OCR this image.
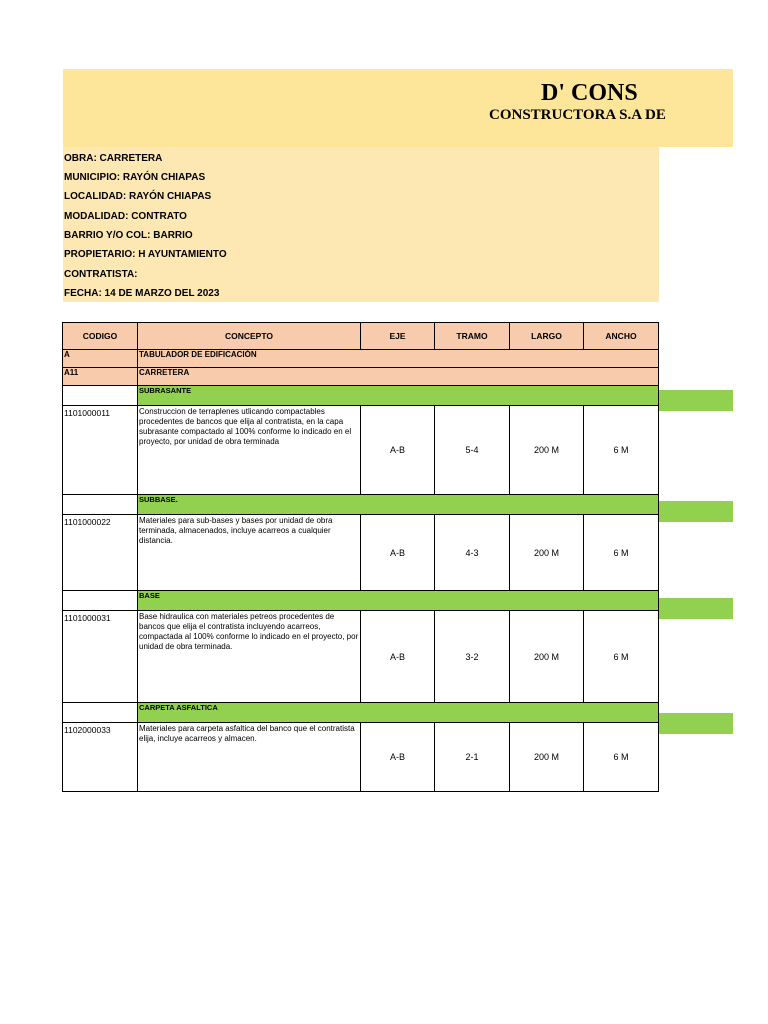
D' CONS
CONSTRUCTORA S.A DE
OBRA: CARRETERA
MUNICIPIO: RAYÓN CHIAPAS
LOCALIDAD: RAYÓN CHIAPAS
MODALIDAD: CONTRATO
BARRIO Y/O COL: BARRIO
PROPIETARIO: H AYUNTAMIENTO
CONTRATISTA:
FECHA: 14 DE MARZO DEL 2023
CODIGO	CONCEPTO	EJE	TRAMO	LARGO	ANCHO
A	TABULADOR DE EDIFICACIÓN				
A11	CARRETERA				
	SUBRASANTE				
1101000011	Construccion de terraplenes utlicando compactables procedentes de bancos que elija al contratista, en la capa subrasante compactado al 100% conforme lo indicado en el proyecto, por unidad de obra terminada	A-B	5-4	200 M	6 M
	SUBBASE.				
1101000022	Materiales para sub-bases y bases por unidad de obra terminada, almacenados, incluye acarreos a cualquier distancia.	A-B	4-3	200 M	6 M
	BASE				
1101000031	Base hidraulica con materiales petreos procedentes de bancos que elija el contratista incluyendo acarreos, compactada al 100% conforme lo indicado en el proyecto, por unidad de obra terminada.	A-B	3-2	200 M	6 M
	CARPETA ASFALTICA				
1102000033	Materiales para carpeta asfaltica del banco que el contratista elija, incluye acarreos y almacen.	A-B	2-1	200 M	6 M
